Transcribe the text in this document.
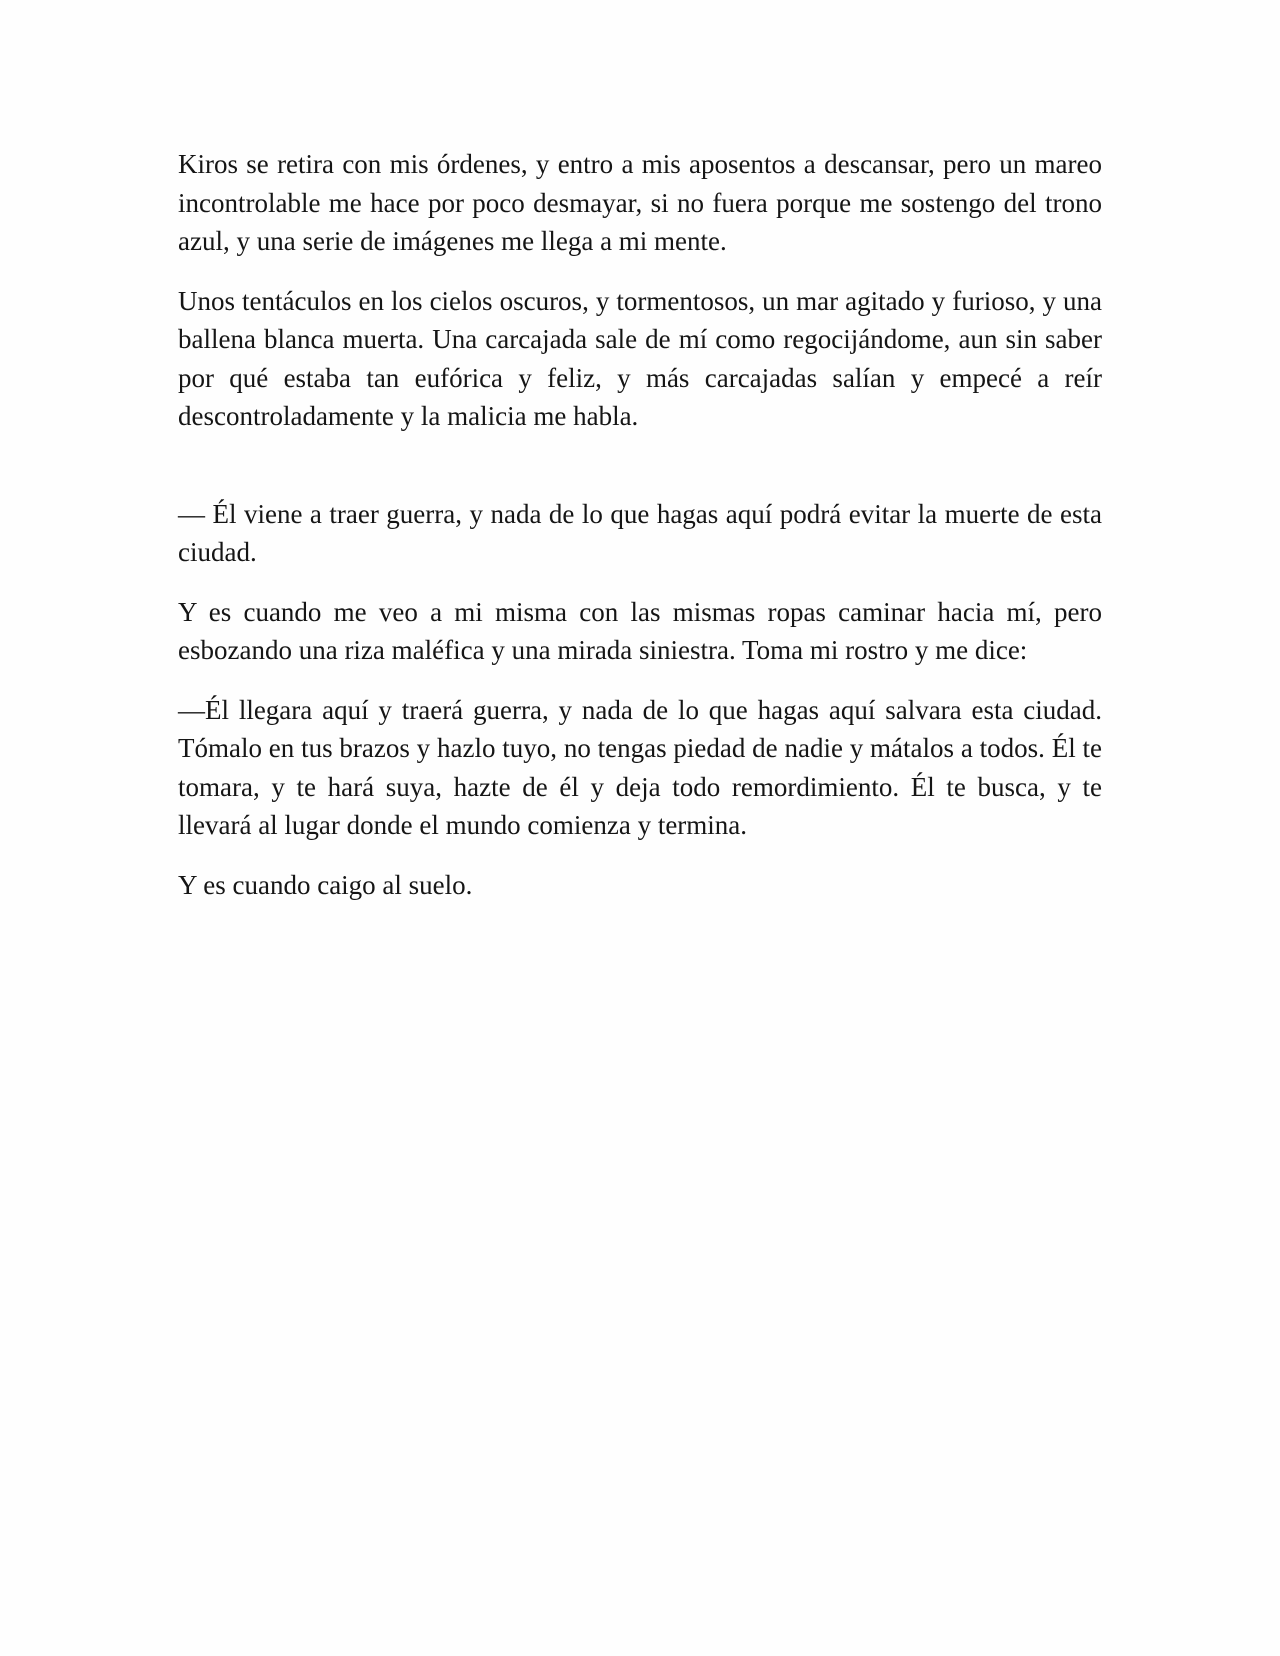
Kiros se retira con mis órdenes, y entro a mis aposentos a descansar, pero un mareo incontrolable me hace por poco desmayar, si no fuera porque me sostengo del trono azul, y una serie de imágenes me llega a mi mente.

Unos tentáculos en los cielos oscuros, y tormentosos, un mar agitado y furioso, y una ballena blanca muerta. Una carcajada sale de mí como regocijándome, aun sin saber por qué estaba tan eufórica y feliz, y más carcajadas salían y empecé a reír descontroladamente y la malicia me habla.

— Él viene a traer guerra, y nada de lo que hagas aquí podrá evitar la muerte de esta ciudad.

Y es cuando me veo a mi misma con las mismas ropas caminar hacia mí, pero esbozando una riza maléfica y una mirada siniestra. Toma mi rostro y me dice:

—Él llegara aquí y traerá guerra, y nada de lo que hagas aquí salvara esta ciudad. Tómalo en tus brazos y hazlo tuyo, no tengas piedad de nadie y mátalos a todos. Él te tomara, y te hará suya, hazte de él y deja todo remordimiento. Él te busca, y te llevará al lugar donde el mundo comienza y termina.

Y es cuando caigo al suelo.
